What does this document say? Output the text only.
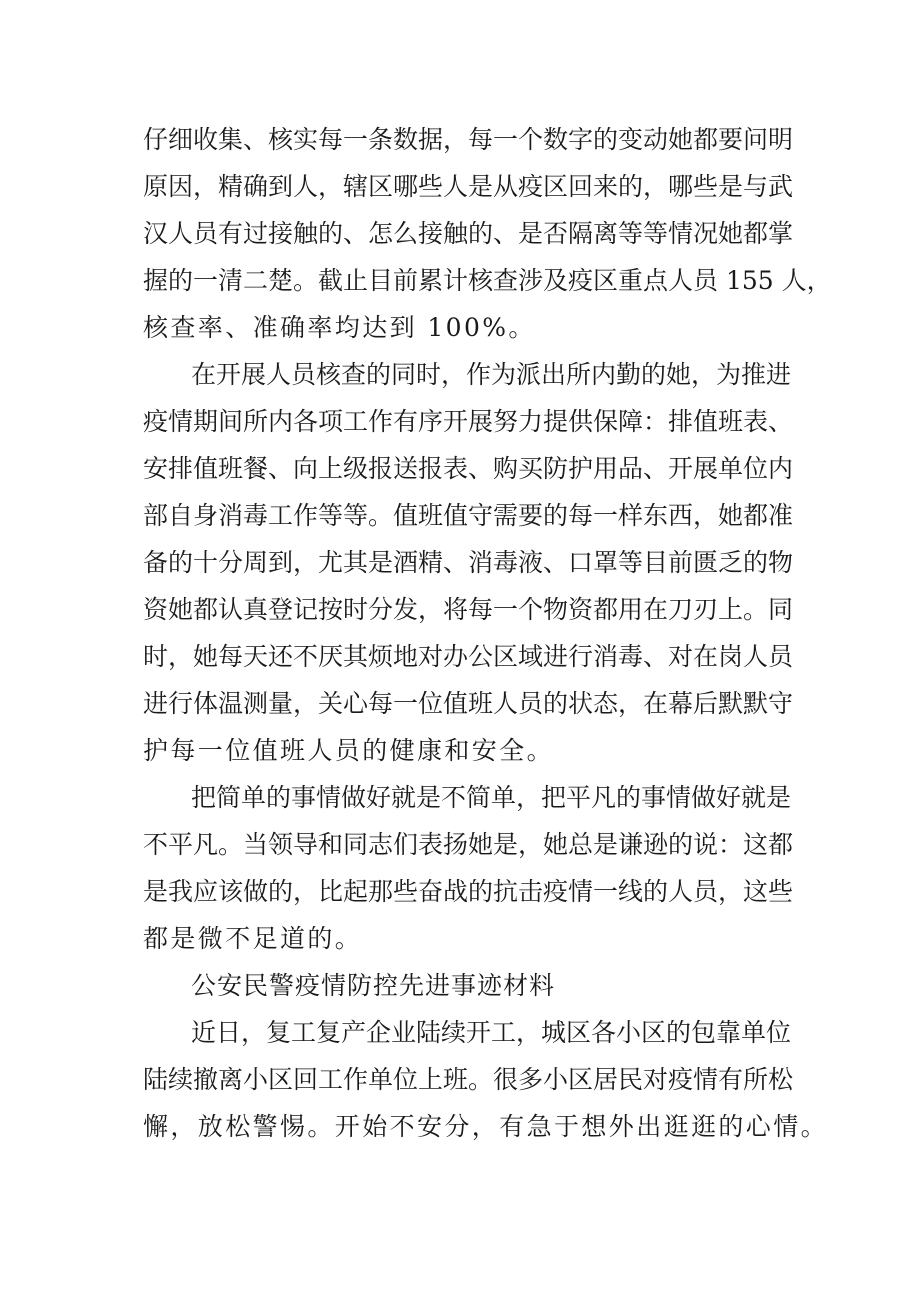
仔细收集、核实每一条数据，每一个数字的变动她都要问明
原因，精确到人，辖区哪些人是从疫区回来的，哪些是与武
汉人员有过接触的、怎么接触的、是否隔离等等情况她都掌
握的一清二楚。截止目前累计核查涉及疫区重点人员 155 人，
核查率、准确率均达到 100%。
在开展人员核查的同时，作为派出所内勤的她，为推进
疫情期间所内各项工作有序开展努力提供保障：排值班表、
安排值班餐、向上级报送报表、购买防护用品、开展单位内
部自身消毒工作等等。值班值守需要的每一样东西，她都准
备的十分周到，尤其是酒精、消毒液、口罩等目前匮乏的物
资她都认真登记按时分发，将每一个物资都用在刀刃上。同
时，她每天还不厌其烦地对办公区域进行消毒、对在岗人员
进行体温测量，关心每一位值班人员的状态，在幕后默默守
护每一位值班人员的健康和安全。
把简单的事情做好就是不简单，把平凡的事情做好就是
不平凡。当领导和同志们表扬她是，她总是谦逊的说：这都
是我应该做的，比起那些奋战的抗击疫情一线的人员，这些
都是微不足道的。
公安民警疫情防控先进事迹材料
近日，复工复产企业陆续开工，城区各小区的包靠单位
陆续撤离小区回工作单位上班。很多小区居民对疫情有所松
懈，放松警惕。开始不安分，有急于想外出逛逛的心情。
